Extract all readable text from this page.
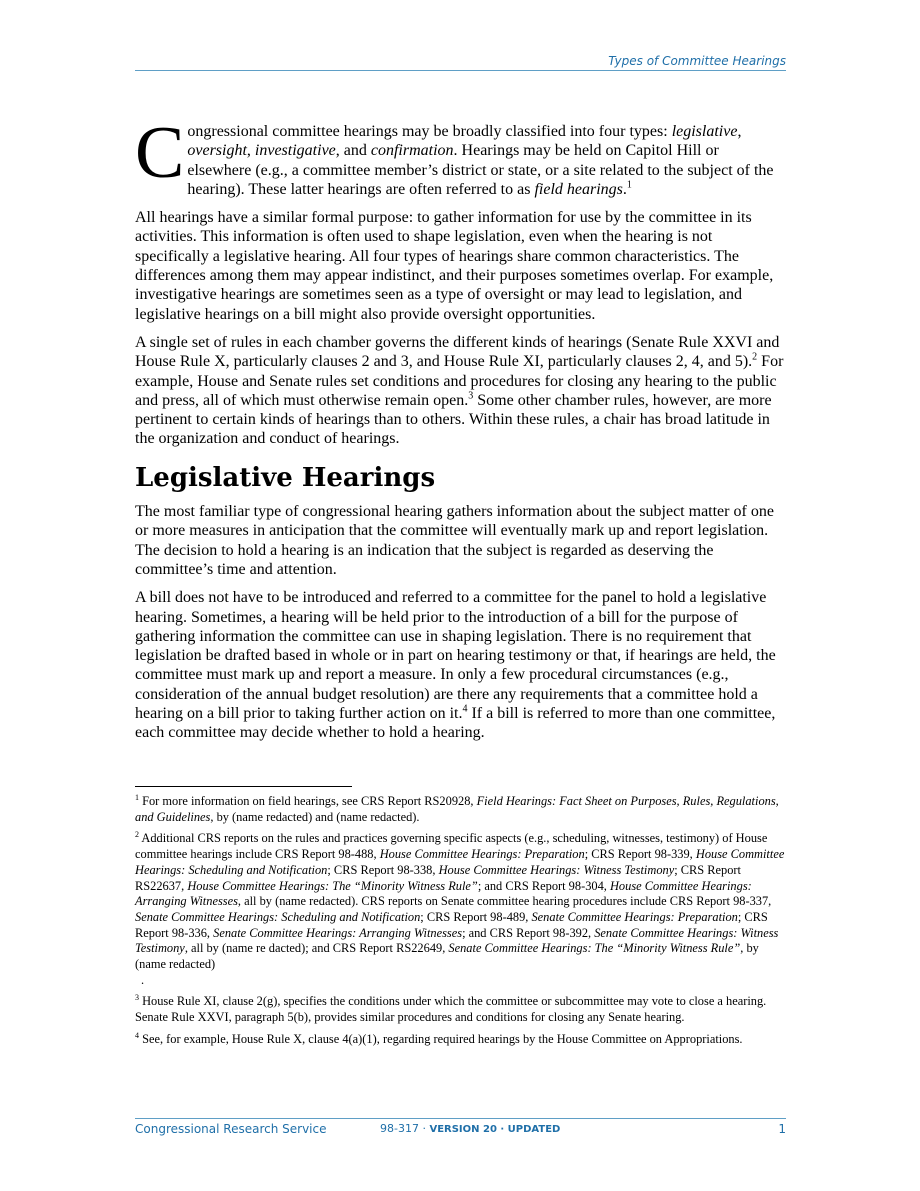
Types of Committee Hearings

Congressional committee hearings may be broadly classified into four types: legislative, oversight, investigative, and confirmation. Hearings may be held on Capitol Hill or elsewhere (e.g., a committee member’s district or state, or a site related to the subject of the hearing). These latter hearings are often referred to as field hearings.$^1$

All hearings have a similar formal purpose: to gather information for use by the committee in its activities. This information is often used to shape legislation, even when the hearing is not specifically a legislative hearing. All four types of hearings share common characteristics. The differences among them may appear indistinct, and their purposes sometimes overlap. For example, investigative hearings are sometimes seen as a type of oversight or may lead to legislation, and legislative hearings on a bill might also provide oversight opportunities.

A single set of rules in each chamber governs the different kinds of hearings (Senate Rule XXVI and House Rule X, particularly clauses 2 and 3, and House Rule XI, particularly clauses 2, 4, and 5).$^2$ For example, House and Senate rules set conditions and procedures for closing any hearing to the public and press, all of which must otherwise remain open.$^3$ Some other chamber rules, however, are more pertinent to certain kinds of hearings than to others. Within these rules, a chair has broad latitude in the organization and conduct of hearings.

Legislative Hearings

The most familiar type of congressional hearing gathers information about the subject matter of one or more measures in anticipation that the committee will eventually mark up and report legislation. The decision to hold a hearing is an indication that the subject is regarded as deserving the committee’s time and attention.

A bill does not have to be introduced and referred to a committee for the panel to hold a legislative hearing. Sometimes, a hearing will be held prior to the introduction of a bill for the purpose of gathering information the committee can use in shaping legislation. There is no requirement that legislation be drafted based in whole or in part on hearing testimony or that, if hearings are held, the committee must mark up and report a measure. In only a few procedural circumstances (e.g., consideration of the annual budget resolution) are there any requirements that a committee hold a hearing on a bill prior to taking further action on it.$^4$ If a bill is referred to more than one committee, each committee may decide whether to hold a hearing.

$^1$ For more information on field hearings, see CRS Report RS20928, Field Hearings: Fact Sheet on Purposes, Rules, Regulations, and Guidelines, by (name redacted) and (name redacted).

$^2$ Additional CRS reports on the rules and practices governing specific aspects (e.g., scheduling, witnesses, testimony) of House committee hearings include CRS Report 98-488, House Committee Hearings: Preparation; CRS Report 98-339, House Committee Hearings: Scheduling and Notification; CRS Report 98-338, House Committee Hearings: Witness Testimony; CRS Report RS22637, House Committee Hearings: The “Minority Witness Rule”; and CRS Report 98-304, House Committee Hearings: Arranging Witnesses, all by (name redacted). CRS reports on Senate committee hearing procedures include CRS Report 98-337, Senate Committee Hearings: Scheduling and Notification; CRS Report 98-489, Senate Committee Hearings: Preparation; CRS Report 98-336, Senate Committee Hearings: Arranging Witnesses; and CRS Report 98-392, Senate Committee Hearings: Witness Testimony, all by (name re dacted); and CRS Report RS22649, Senate Committee Hearings: The “Minority Witness Rule”, by (name redacted)
.

$^3$ House Rule XI, clause 2(g), specifies the conditions under which the committee or subcommittee may vote to close a hearing. Senate Rule XXVI, paragraph 5(b), provides similar procedures and conditions for closing any Senate hearing.

$^4$ See, for example, House Rule X, clause 4(a)(1), regarding required hearings by the House Committee on Appropriations.

Congressional Research Service	98-317 · VERSION 20 · UPDATED	1
